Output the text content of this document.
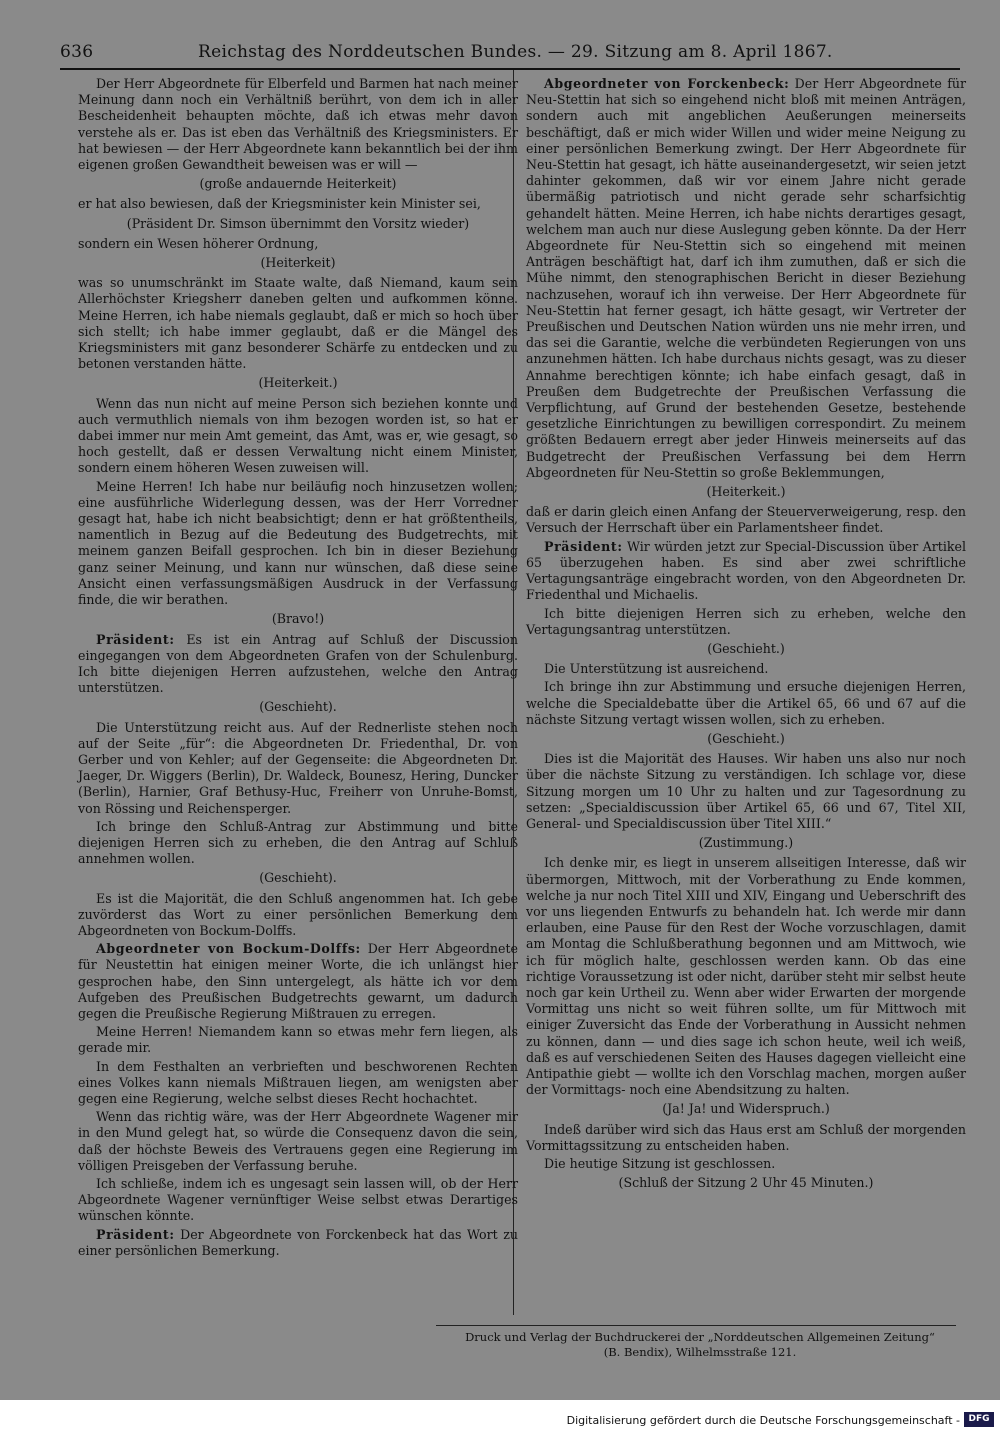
636	Reichstag des Norddeutschen Bundes. — 29. Sitzung am 8. April 1867.

Der Herr Abgeordnete für Elberfeld und Barmen hat nach meiner Meinung dann noch ein Verhältniß berührt, von dem ich in aller Bescheidenheit behaupten möchte, daß ich etwas mehr davon verstehe als er. Das ist eben das Verhältniß des Kriegsministers. Er hat bewiesen — der Herr Abgeordnete kann bekanntlich bei der ihm eigenen großen Gewandtheit beweisen was er will —

(große andauernde Heiterkeit)

er hat also bewiesen, daß der Kriegsminister kein Minister sei,

(Präsident Dr. Simson übernimmt den Vorsitz wieder)

sondern ein Wesen höherer Ordnung,

(Heiterkeit)

was so unumschränkt im Staate walte, daß Niemand, kaum sein Allerhöchster Kriegsherr daneben gelten und aufkommen könne. Meine Herren, ich habe niemals geglaubt, daß er mich so hoch über sich stellt; ich habe immer geglaubt, daß er die Mängel des Kriegsministers mit ganz besonderer Schärfe zu entdecken und zu betonen verstanden hätte.

(Heiterkeit.)

Wenn das nun nicht auf meine Person sich beziehen konnte und auch vermuthlich niemals von ihm bezogen worden ist, so hat er dabei immer nur mein Amt gemeint, das Amt, was er, wie gesagt, so hoch gestellt, daß er dessen Verwaltung nicht einem Minister, sondern einem höheren Wesen zuweisen will.

Meine Herren! Ich habe nur beiläufig noch hinzusetzen wollen; eine ausführliche Widerlegung dessen, was der Herr Vorredner gesagt hat, habe ich nicht beabsichtigt; denn er hat größtentheils, namentlich in Bezug auf die Bedeutung des Budgetrechts, mit meinem ganzen Beifall gesprochen. Ich bin in dieser Beziehung ganz seiner Meinung, und kann nur wünschen, daß diese seine Ansicht einen verfassungsmäßigen Ausdruck in der Verfassung finde, die wir berathen.

(Bravo!)

Präsident: Es ist ein Antrag auf Schluß der Discussion eingegangen von dem Abgeordneten Grafen von der Schulenburg. Ich bitte diejenigen Herren aufzustehen, welche den Antrag unterstützen.

(Geschieht).

Die Unterstützung reicht aus. Auf der Rednerliste stehen noch auf der Seite „für“: die Abgeordneten Dr. Friedenthal, Dr. von Gerber und von Kehler; auf der Gegenseite: die Abgeordneten Dr. Jaeger, Dr. Wiggers (Berlin), Dr. Waldeck, Bounesz, Hering, Duncker (Berlin), Harnier, Graf Bethusy-Huc, Freiherr von Unruhe-Bomst, von Rössing und Reichensperger.

Ich bringe den Schluß-Antrag zur Abstimmung und bitte diejenigen Herren sich zu erheben, die den Antrag auf Schluß annehmen wollen.

(Geschieht).

Es ist die Majorität, die den Schluß angenommen hat. Ich gebe zuvörderst das Wort zu einer persönlichen Bemerkung dem Abgeordneten von Bockum-Dolffs.

Abgeordneter von Bockum-Dolffs: Der Herr Abgeordnete für Neustettin hat einigen meiner Worte, die ich unlängst hier gesprochen habe, den Sinn untergelegt, als hätte ich vor dem Aufgeben des Preußischen Budgetrechts gewarnt, um dadurch gegen die Preußische Regierung Mißtrauen zu erregen.

Meine Herren! Niemandem kann so etwas mehr fern liegen, als gerade mir.

In dem Festhalten an verbrieften und beschworenen Rechten eines Volkes kann niemals Mißtrauen liegen, am wenigsten aber gegen eine Regierung, welche selbst dieses Recht hochachtet.

Wenn das richtig wäre, was der Herr Abgeordnete Wagener mir in den Mund gelegt hat, so würde die Consequenz davon die sein, daß der höchste Beweis des Vertrauens gegen eine Regierung im völligen Preisgeben der Verfassung beruhe.

Ich schließe, indem ich es ungesagt sein lassen will, ob der Herr Abgeordnete Wagener vernünftiger Weise selbst etwas Derartiges wünschen könnte.

Präsident: Der Abgeordnete von Forckenbeck hat das Wort zu einer persönlichen Bemerkung.

Abgeordneter von Forckenbeck: Der Herr Abgeordnete für Neu-Stettin hat sich so eingehend nicht bloß mit meinen Anträgen, sondern auch mit angeblichen Aeußerungen meinerseits beschäftigt, daß er mich wider Willen und wider meine Neigung zu einer persönlichen Bemerkung zwingt. Der Herr Abgeordnete für Neu-Stettin hat gesagt, ich hätte auseinandergesetzt, wir seien jetzt dahinter gekommen, daß wir vor einem Jahre nicht gerade übermäßig patriotisch und nicht gerade sehr scharfsichtig gehandelt hätten. Meine Herren, ich habe nichts derartiges gesagt, welchem man auch nur diese Auslegung geben könnte. Da der Herr Abgeordnete für Neu-Stettin sich so eingehend mit meinen Anträgen beschäftigt hat, darf ich ihm zumuthen, daß er sich die Mühe nimmt, den stenographischen Bericht in dieser Beziehung nachzusehen, worauf ich ihn verweise. Der Herr Abgeordnete für Neu-Stettin hat ferner gesagt, ich hätte gesagt, wir Vertreter der Preußischen und Deutschen Nation würden uns nie mehr irren, und das sei die Garantie, welche die verbündeten Regierungen von uns anzunehmen hätten. Ich habe durchaus nichts gesagt, was zu dieser Annahme berechtigen könnte; ich habe einfach gesagt, daß in Preußen dem Budgetrechte der Preußischen Verfassung die Verpflichtung, auf Grund der bestehenden Gesetze, bestehende gesetzliche Einrichtungen zu bewilligen correspondirt. Zu meinem größten Bedauern erregt aber jeder Hinweis meinerseits auf das Budgetrecht der Preußischen Verfassung bei dem Herrn Abgeordneten für Neu-Stettin so große Beklemmungen,

(Heiterkeit.)

daß er darin gleich einen Anfang der Steuerverweigerung, resp. den Versuch der Herrschaft über ein Parlamentsheer findet.

Präsident: Wir würden jetzt zur Special-Discussion über Artikel 65 überzugehen haben. Es sind aber zwei schriftliche Vertagungsanträge eingebracht worden, von den Abgeordneten Dr. Friedenthal und Michaelis.

Ich bitte diejenigen Herren sich zu erheben, welche den Vertagungsantrag unterstützen.

(Geschieht.)

Die Unterstützung ist ausreichend.

Ich bringe ihn zur Abstimmung und ersuche diejenigen Herren, welche die Specialdebatte über die Artikel 65, 66 und 67 auf die nächste Sitzung vertagt wissen wollen, sich zu erheben.

(Geschieht.)

Dies ist die Majorität des Hauses. Wir haben uns also nur noch über die nächste Sitzung zu verständigen. Ich schlage vor, diese Sitzung morgen um 10 Uhr zu halten und zur Tagesordnung zu setzen: „Specialdiscussion über Artikel 65, 66 und 67, Titel XII, General- und Specialdiscussion über Titel XIII.“

(Zustimmung.)

Ich denke mir, es liegt in unserem allseitigen Interesse, daß wir übermorgen, Mittwoch, mit der Vorberathung zu Ende kommen, welche ja nur noch Titel XIII und XIV, Eingang und Ueberschrift des vor uns liegenden Entwurfs zu behandeln hat. Ich werde mir dann erlauben, eine Pause für den Rest der Woche vorzuschlagen, damit am Montag die Schlußberathung begonnen und am Mittwoch, wie ich für möglich halte, geschlossen werden kann. Ob das eine richtige Voraussetzung ist oder nicht, darüber steht mir selbst heute noch gar kein Urtheil zu. Wenn aber wider Erwarten der morgende Vormittag uns nicht so weit führen sollte, um für Mittwoch mit einiger Zuversicht das Ende der Vorberathung in Aussicht nehmen zu können, dann — und dies sage ich schon heute, weil ich weiß, daß es auf verschiedenen Seiten des Hauses dagegen vielleicht eine Antipathie giebt — wollte ich den Vorschlag machen, morgen außer der Vormittags- noch eine Abendsitzung zu halten.

(Ja! Ja! und Widerspruch.)

Indeß darüber wird sich das Haus erst am Schluß der morgenden Vormittagssitzung zu entscheiden haben.

Die heutige Sitzung ist geschlossen.

(Schluß der Sitzung 2 Uhr 45 Minuten.)

Druck und Verlag der Buchdruckerei der „Norddeutschen Allgemeinen Zeitung“
(B. Bendix), Wilhelmsstraße 121.
Digitalisierung gefördert durch die Deutsche Forschungsgemeinschaft - DFG
